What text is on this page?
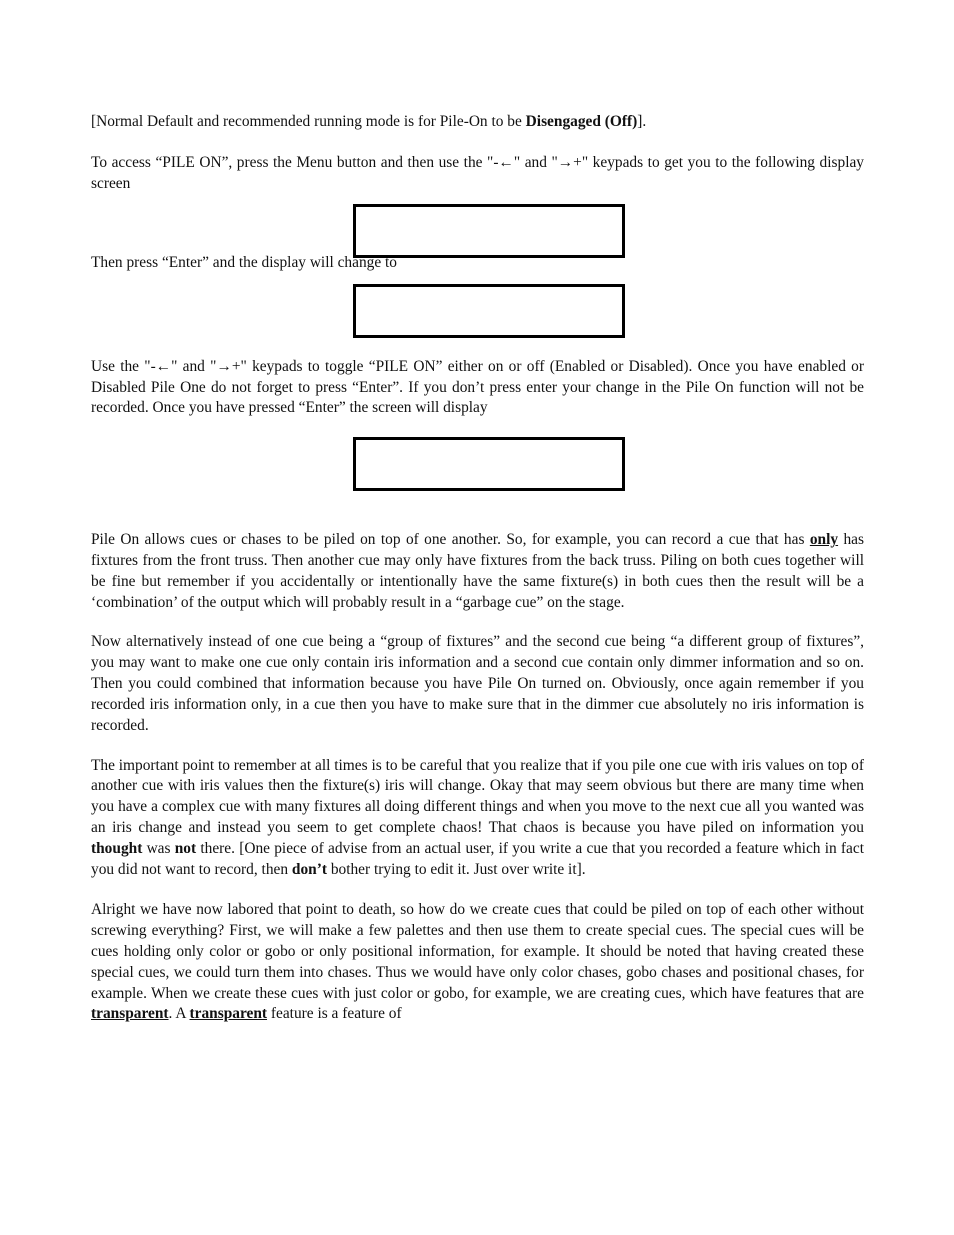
[Normal Default and recommended running mode is for Pile-On to be Disengaged (Off)].

To access “PILE ON”, press the Menu button and then use the "-←" and "→+" keypads to get you to the following display screen

Then press “Enter” and the display will change to

Use the "-←" and "→+" keypads to toggle “PILE ON” either on or off (Enabled or Disabled). Once you have enabled or Disabled Pile One do not forget to press “Enter”. If you don’t press enter your change in the Pile On function will not be recorded. Once you have pressed “Enter” the screen will display

Pile On allows cues or chases to be piled on top of one another. So, for example, you can record a cue that has only has fixtures from the front truss. Then another cue may only have fixtures from the back truss. Piling on both cues together will be fine but remember if you accidentally or intentionally have the same fixture(s) in both cues then the result will be a ‘combination’ of the output which will probably result in a “garbage cue” on the stage.

Now alternatively instead of one cue being a “group of fixtures” and the second cue being “a different group of fixtures”, you may want to make one cue only contain iris information and a second cue contain only dimmer information and so on. Then you could combined that information because you have Pile On turned on. Obviously, once again remember if you recorded iris information only, in a cue then you have to make sure that in the dimmer cue absolutely no iris information is recorded.

The important point to remember at all times is to be careful that you realize that if you pile one cue with iris values on top of another cue with iris values then the fixture(s) iris will change. Okay that may seem obvious but there are many time when you have a complex cue with many fixtures all doing different things and when you move to the next cue all you wanted was an iris change and instead you seem to get complete chaos! That chaos is because you have piled on information you thought was not there. [One piece of advise from an actual user, if you write a cue that you recorded a feature which in fact you did not want to record, then don’t bother trying to edit it. Just over write it].

Alright we have now labored that point to death, so how do we create cues that could be piled on top of each other without screwing everything? First, we will make a few palettes and then use them to create special cues. The special cues will be cues holding only color or gobo or only positional information, for example. It should be noted that having created these special cues, we could turn them into chases. Thus we would have only color chases, gobo chases and positional chases, for example. When we create these cues with just color or gobo, for example, we are creating cues, which have features that are transparent. A transparent feature is a feature of
